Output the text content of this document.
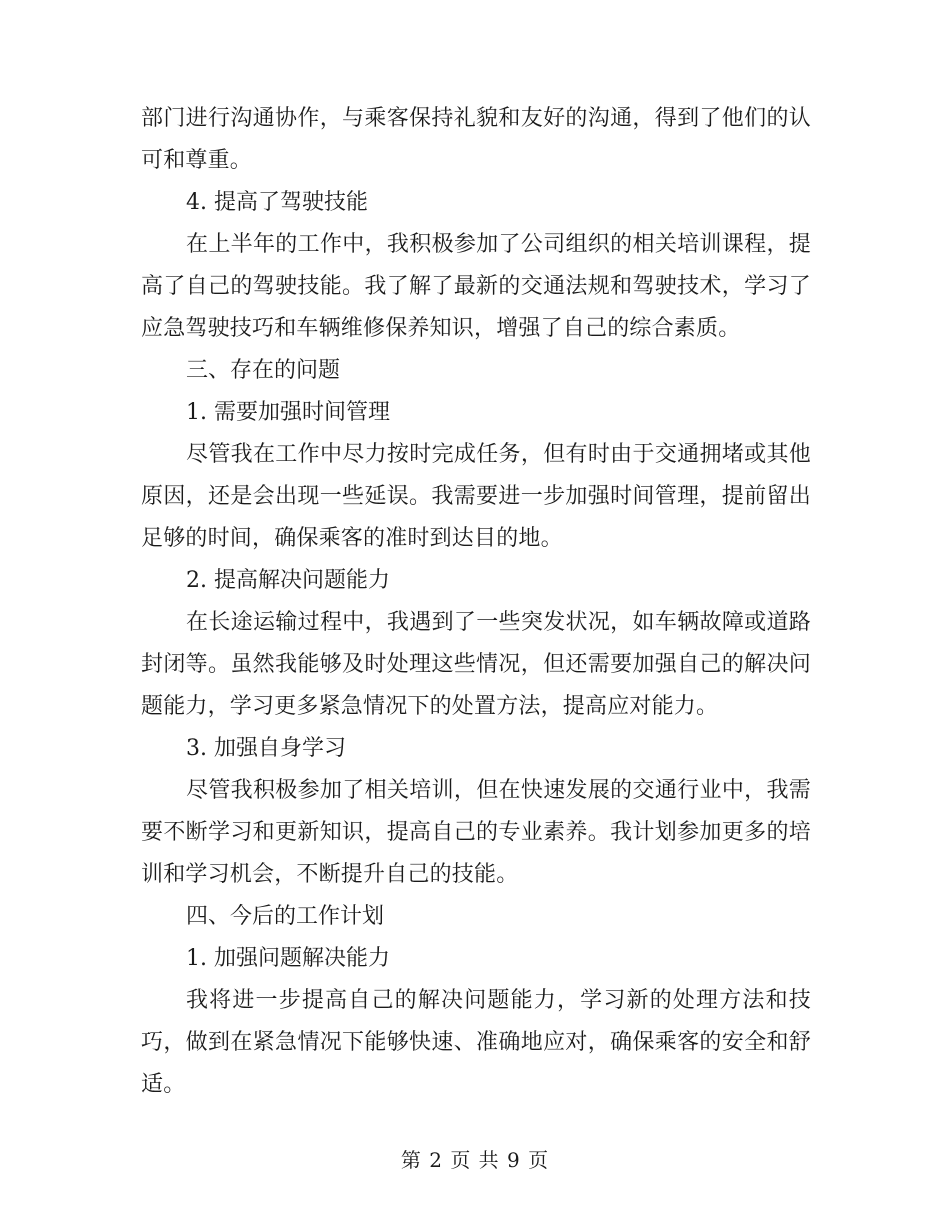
部门进行沟通协作，与乘客保持礼貌和友好的沟通，得到了他们的认可和尊重。

4. 提高了驾驶技能

在上半年的工作中，我积极参加了公司组织的相关培训课程，提高了自己的驾驶技能。我了解了最新的交通法规和驾驶技术，学习了应急驾驶技巧和车辆维修保养知识，增强了自己的综合素质。

三、存在的问题

1. 需要加强时间管理

尽管我在工作中尽力按时完成任务，但有时由于交通拥堵或其他原因，还是会出现一些延误。我需要进一步加强时间管理，提前留出足够的时间，确保乘客的准时到达目的地。

2. 提高解决问题能力

在长途运输过程中，我遇到了一些突发状况，如车辆故障或道路封闭等。虽然我能够及时处理这些情况，但还需要加强自己的解决问题能力，学习更多紧急情况下的处置方法，提高应对能力。

3. 加强自身学习

尽管我积极参加了相关培训，但在快速发展的交通行业中，我需要不断学习和更新知识，提高自己的专业素养。我计划参加更多的培训和学习机会，不断提升自己的技能。

四、今后的工作计划

1. 加强问题解决能力

我将进一步提高自己的解决问题能力，学习新的处理方法和技巧，做到在紧急情况下能够快速、准确地应对，确保乘客的安全和舒适。

第 2 页 共 9 页
